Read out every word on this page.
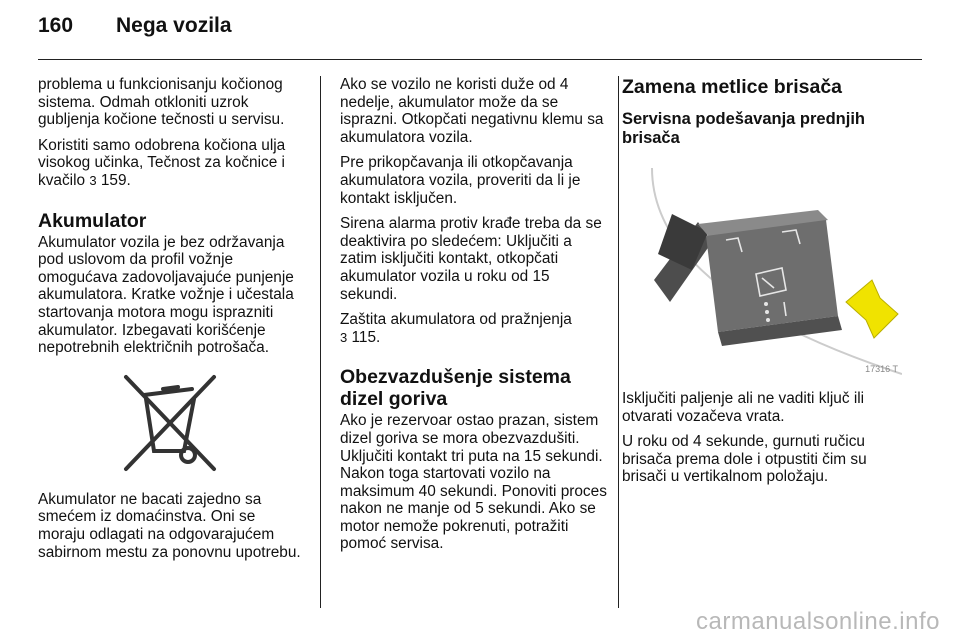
160 Nega vozila

problema u funkcionisanju kočionog sistema. Odmah otkloniti uzrok gubljenja kočione tečnosti u servisu.

Koristiti samo odobrena kočiona ulja visokog učinka, Tečnost za kočnice i kvačilo 3 159.

Akumulator

Akumulator vozila je bez održavanja pod uslovom da profil vožnje omogućava zadovoljavajuće punjenje akumulatora. Kratke vožnje i učestala startovanja motora mogu isprazniti akumulator. Izbegavati korišćenje nepotrebnih električnih potrošača.

Akumulator ne bacati zajedno sa smećem iz domaćinstva. Oni se moraju odlagati na odgovarajućem sabirnom mestu za ponovnu upotrebu.

Ako se vozilo ne koristi duže od 4 nedelje, akumulator može da se isprazni. Otkopčati negativnu klemu sa akumulatora vozila.

Pre prikopčavanja ili otkopčavanja akumulatora vozila, proveriti da li je kontakt isključen.

Sirena alarma protiv krađe treba da se deaktivira po sledećem: Uključiti a zatim isključiti kontakt, otkopčati akumulator vozila u roku od 15 sekundi.

Zaštita akumulatora od pražnjenja
3 115.

Obezvazdušenje sistema dizel goriva

Ako je rezervoar ostao prazan, sistem dizel goriva se mora obezvazdušiti. Uključiti kontakt tri puta na 15 sekundi. Nakon toga startovati vozilo na maksimum 40 sekundi. Ponoviti proces nakon ne manje od 5 sekundi. Ako se motor nemože pokrenuti, potražiti pomoć servisa.

Zamena metlice brisača
Servisna podešavanja prednjih brisača
17316 T

Isključiti paljenje ali ne vaditi ključ ili otvarati vozačeva vrata.

U roku od 4 sekunde, gurnuti ručicu brisača prema dole i otpustiti čim su brisači u vertikalnom položaju.

carmanualsonline.info
